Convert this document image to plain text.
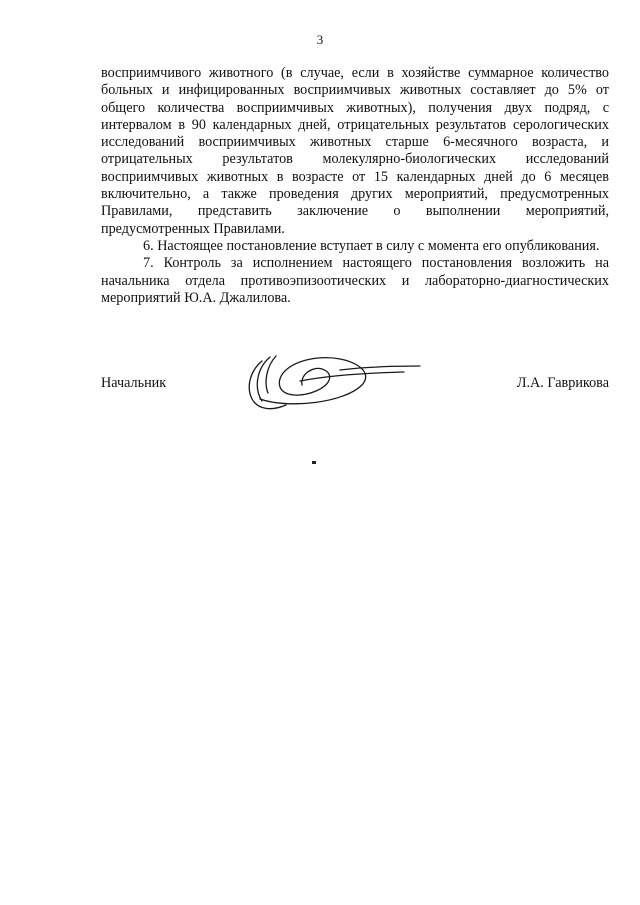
3

восприимчивого животного (в случае, если в хозяйстве суммарное количество больных и инфицированных восприимчивых животных составляет до 5% от общего количества восприимчивых животных), получения двух подряд, с интервалом в 90 календарных дней, отрицательных результатов серологических исследований восприимчивых животных старше 6-месячного возраста, и отрицательных результатов молекулярно-биологических исследований восприимчивых животных в возрасте от 15 календарных дней до 6 месяцев включительно, а также проведения других мероприятий, предусмотренных Правилами, представить заключение о выполнении мероприятий, предусмотренных Правилами.

6. Настоящее постановление вступает в силу с момента его опубликования.

7. Контроль за исполнением настоящего постановления возложить на начальника отдела противоэпизоотических и лабораторно-диагностических мероприятий Ю.А. Джалилова.

Начальник	Л.А. Гаврикова
